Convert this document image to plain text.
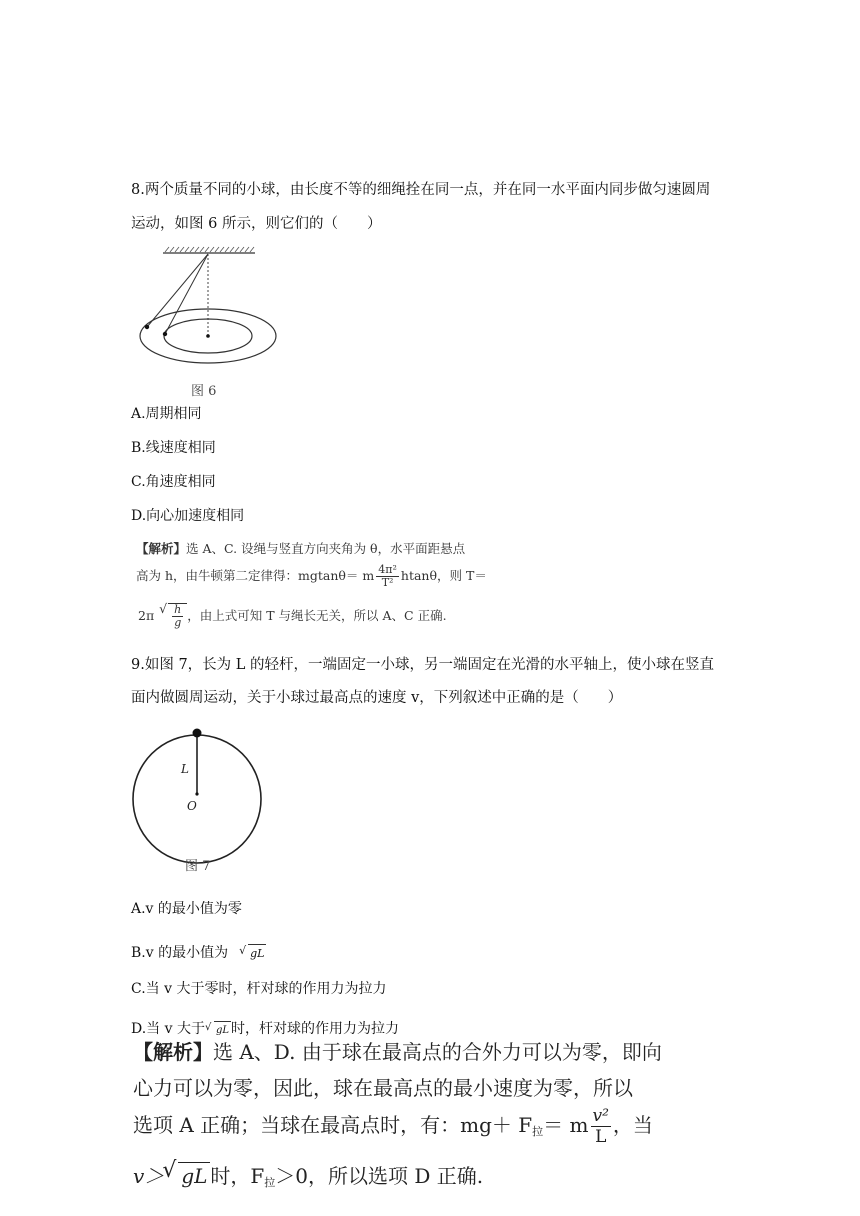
8.两个质量不同的小球，由长度不等的细绳拴在同一点，并在同一水平面内同步做匀速圆周
运动，如图 6 所示，则它们的（　　）
图 6
A.周期相同
B.线速度相同
C.角速度相同
D.向心加速度相同
【解析】选 A、C. 设绳与竖直方向夹角为 θ，水平面距悬点
高为 h，由牛顿第二定律得：mgtanθ＝ m $\frac{\text{4π²}}{\text{T²}}$ htanθ，则 T＝
2π √ $\frac{h}{g}$ ，由上式可知 T 与绳长无关，所以 A、C 正确.
9.如图 7，长为 L 的轻杆，一端固定一小球，另一端固定在光滑的水平轴上，使小球在竖直
面内做圆周运动，关于小球过最高点的速度 v，下列叙述中正确的是（　　）
L
O
图 7
A.v 的最小值为零
B.v 的最小值为 √ gL
C.当 v 大于零时，杆对球的作用力为拉力
D.当 v 大于 √ gL 时，杆对球的作用力为拉力
【解析】选 A、D. 由于球在最高点的合外力可以为零，即向
心力可以为零，因此，球在最高点的最小速度为零，所以
选项 A 正确；当球在最高点时，有：$mg+ F_拉= m \frac{\text{v²}}{L}$ ，当
v＞ √ gL 时，$F_拉>0$，所以选项 D 正确.
